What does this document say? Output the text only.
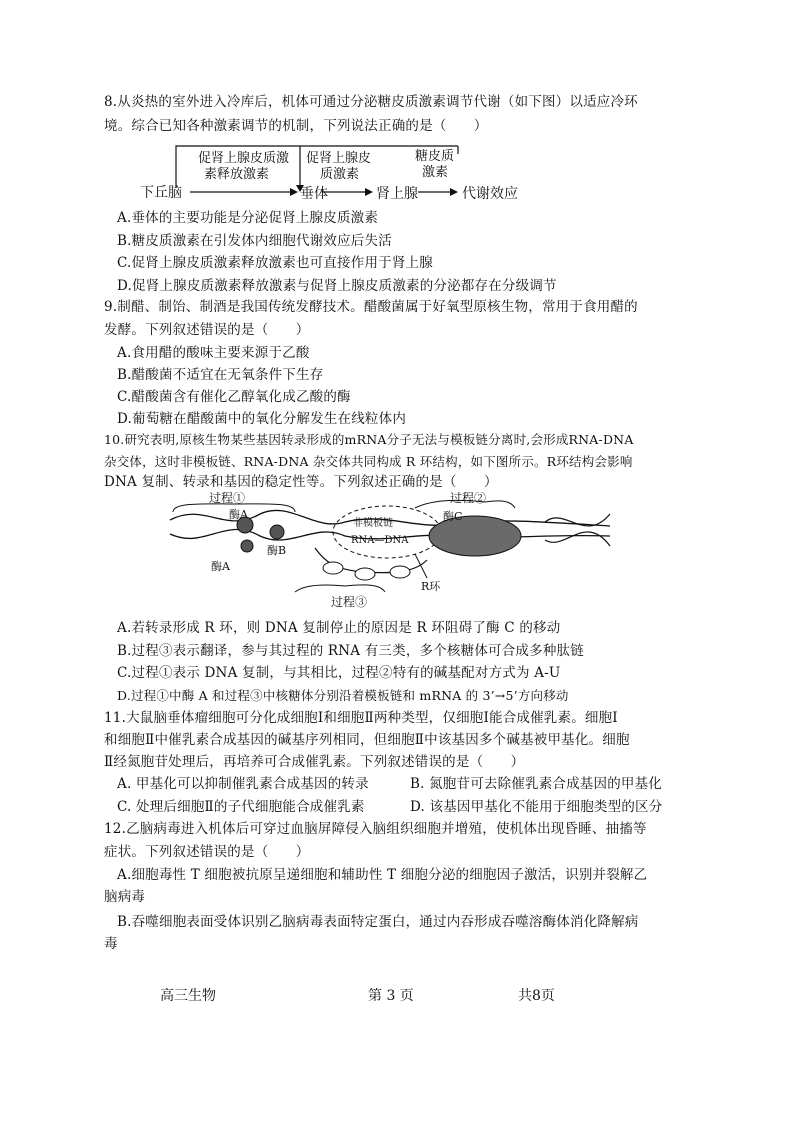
8.从炎热的室外进入冷库后，机体可通过分泌糖皮质激素调节代谢（如下图）以适应冷环
境。综合已知各种激素调节的机制，下列说法正确的是（　　）
下丘脑
促肾上腺皮质激
素释放激素
垂体
促肾上腺皮
质激素
肾上腺
糖皮质
激素
代谢效应
A.垂体的主要功能是分泌促肾上腺皮质激素
B.糖皮质激素在引发体内细胞代谢效应后失活
C.促肾上腺皮质激素释放激素也可直接作用于肾上腺
D.促肾上腺皮质激素释放激素与促肾上腺皮质激素的分泌都存在分级调节
9.制醋、制饴、制酒是我国传统发酵技术。醋酸菌属于好氧型原核生物，常用于食用醋的
发酵。下列叙述错误的是（　　）
A.食用醋的酸味主要来源于乙酸
B.醋酸菌不适宜在无氧条件下生存
C.醋酸菌含有催化乙醇氧化成乙酸的酶
D.葡萄糖在醋酸菌中的氧化分解发生在线粒体内
10.研究表明,原核生物某些基因转录形成的mRNA分子无法与模板链分离时,会形成RNA-DNA
杂交体，这时非模板链、RNA-DNA 杂交体共同构成 R 环结构，如下图所示。R环结构会影响
DNA 复制、转录和基因的稳定性等。下列叙述正确的是（　　）
过程①
酶A
酶B
酶A
非模板链
RNA—DNA
酶C
过程②
过程③
R环
A.若转录形成 R 环，则 DNA 复制停止的原因是 R 环阻碍了酶 C 的移动
B.过程③表示翻译，参与其过程的 RNA 有三类，多个核糖体可合成多种肽链
C.过程①表示 DNA 复制，与其相比，过程②特有的碱基配对方式为 A-U
D.过程①中酶 A 和过程③中核糖体分别沿着模板链和 mRNA 的 3’→5’方向移动
11.大鼠脑垂体瘤细胞可分化成细胞Ⅰ和细胞Ⅱ两种类型，仅细胞Ⅰ能合成催乳素。细胞Ⅰ
和细胞Ⅱ中催乳素合成基因的碱基序列相同，但细胞Ⅱ中该基因多个碱基被甲基化。细胞
Ⅱ经氮胞苷处理后，再培养可合成催乳素。下列叙述错误的是（　　）
A. 甲基化可以抑制催乳素合成基因的转录	B. 氮胞苷可去除催乳素合成基因的甲基化
C. 处理后细胞Ⅱ的子代细胞能合成催乳素	D. 该基因甲基化不能用于细胞类型的区分
12.乙脑病毒进入机体后可穿过血脑屏障侵入脑组织细胞并增殖，使机体出现昏睡、抽搐等
症状。下列叙述错误的是（　　）
A.细胞毒性 T 细胞被抗原呈递细胞和辅助性 T 细胞分泌的细胞因子激活，识别并裂解乙
脑病毒
B.吞噬细胞表面受体识别乙脑病毒表面特定蛋白，通过内吞形成吞噬溶酶体消化降解病
毒
高三生物	第 3 页	共8页
